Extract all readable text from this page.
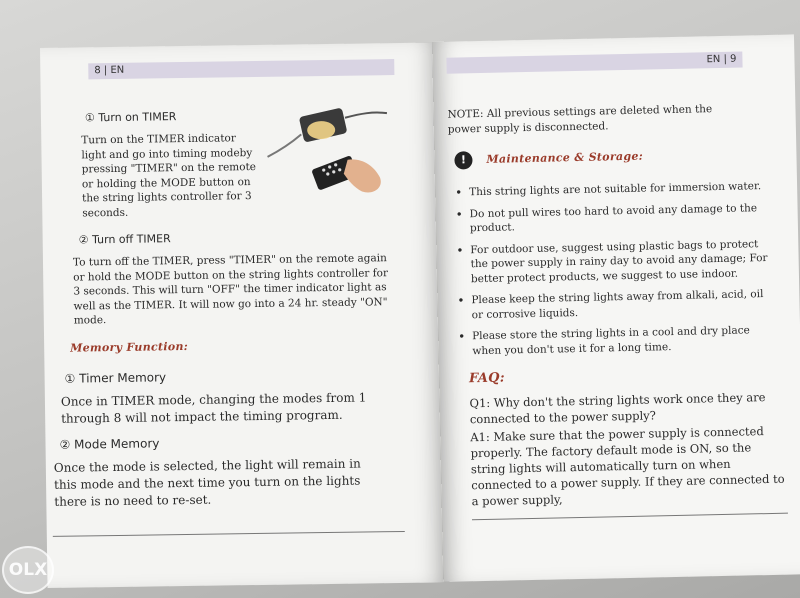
8 | EN
① Turn on TIMER
Turn on the TIMER indicator light and go into timing modeby pressing "TIMER" on the remote or holding the MODE button on the string lights controller for 3 seconds.
② Turn off TIMER
To turn off the TIMER, press "TIMER" on the remote again or hold the MODE button on the string lights controller for 3 seconds. This will turn "OFF" the timer indicator light as well as the TIMER. It will now go into a 24 hr. steady "ON" mode.
Memory Function:
① Timer Memory
Once in TIMER mode, changing the modes from 1 through 8 will not impact the timing program.
② Mode Memory
Once the mode is selected, the light will remain in this mode and the next time you turn on the lights there is no need to re-set.
EN | 9
NOTE: All previous settings are deleted when the power supply is disconnected.
!	Maintenance & Storage:
• This string lights are not suitable for immersion water.
• Do not pull wires too hard to avoid any damage to the product.
• For outdoor use, suggest using plastic bags to protect the power supply in rainy day to avoid any damage; For better protect products, we suggest to use indoor.
• Please keep the string lights away from alkali, acid, oil or corrosive liquids.
• Please store the string lights in a cool and dry place when you don't use it for a long time.
FAQ:
Q1: Why don't the string lights work once they are connected to the power supply?
A1: Make sure that the power supply is connected properly. The factory default mode is ON, so the string lights will automatically turn on when connected to a power supply. If they are connected to a power supply,
OLX
